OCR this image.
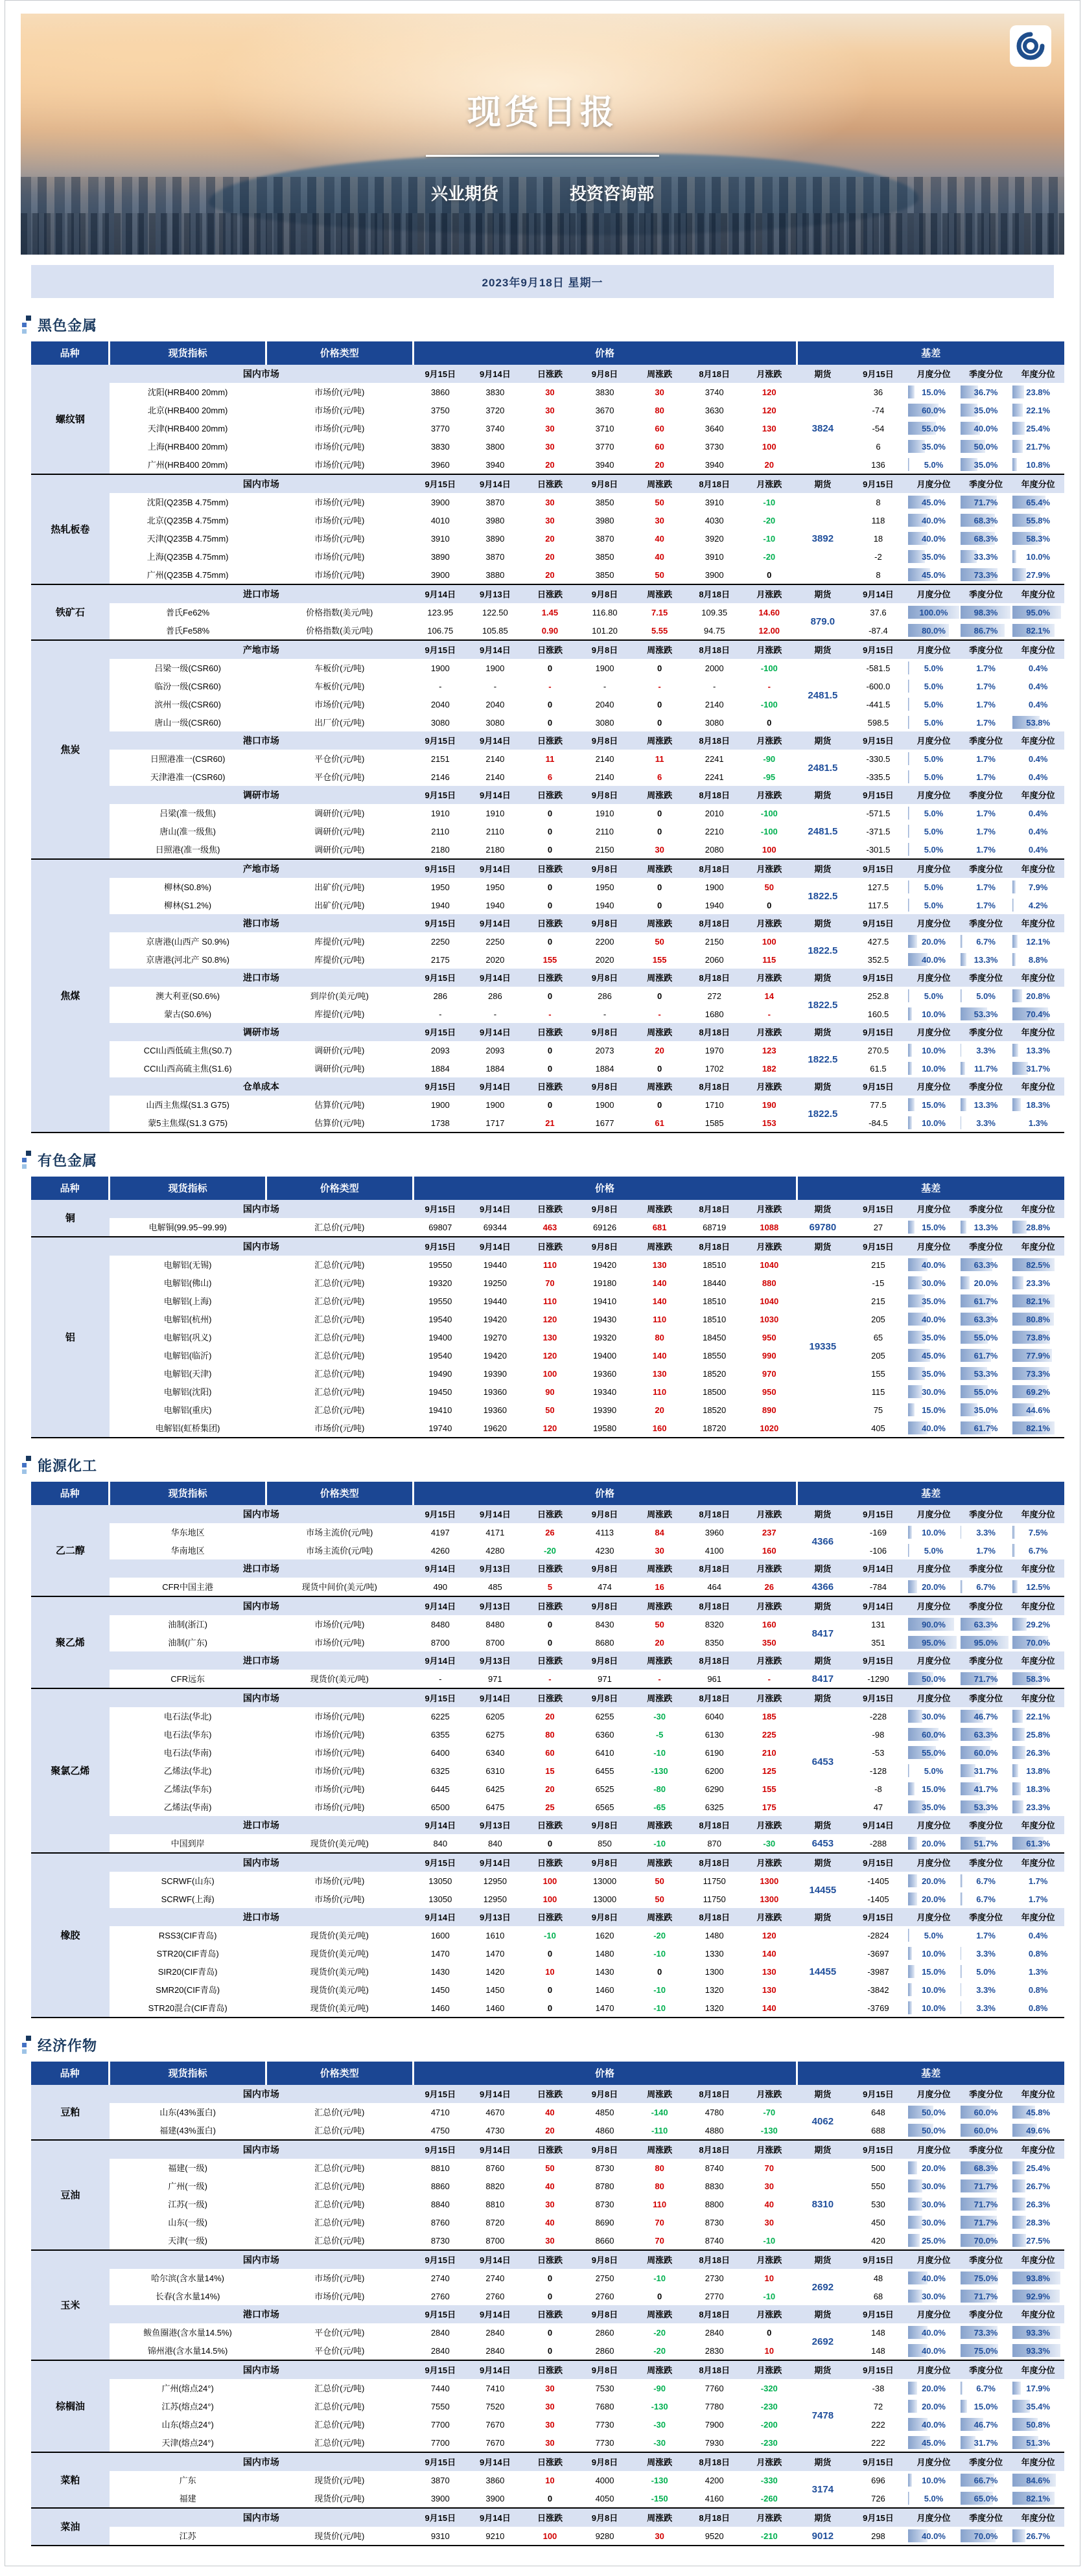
现货日报
兴业期货	投资咨询部
2023年9月18日 星期一
黑色金属
品种	现货指标	价格类型	价格							基差				
螺纹钢	国内市场		9月15日	9月14日	日涨跌	9月8日	周涨跌	8月18日	月涨跌	期货	9月15日	月度分位	季度分位	年度分位
	沈阳(HRB400 20mm)	市场价(元/吨)	3860	3830	30	3830	30	3740	120	3824	36	15.0%	36.7%	23.8%
	北京(HRB400 20mm)	市场价(元/吨)	3750	3720	30	3670	80	3630	120		-74	60.0%	35.0%	22.1%
	天津(HRB400 20mm)	市场价(元/吨)	3770	3740	30	3710	60	3640	130		-54	55.0%	40.0%	25.4%
	上海(HRB400 20mm)	市场价(元/吨)	3830	3800	30	3770	60	3730	100		6	35.0%	50.0%	21.7%
	广州(HRB400 20mm)	市场价(元/吨)	3960	3940	20	3940	20	3940	20		136	5.0%	35.0%	10.8%
热轧板卷	国内市场		9月15日	9月14日	日涨跌	9月8日	周涨跌	8月18日	月涨跌	期货	9月15日	月度分位	季度分位	年度分位
	沈阳(Q235B 4.75mm)	市场价(元/吨)	3900	3870	30	3850	50	3910	-10	3892	8	45.0%	71.7%	65.4%
	北京(Q235B 4.75mm)	市场价(元/吨)	4010	3980	30	3980	30	4030	-20		118	40.0%	68.3%	55.8%
	天津(Q235B 4.75mm)	市场价(元/吨)	3910	3890	20	3870	40	3920	-10		18	40.0%	68.3%	58.3%
	上海(Q235B 4.75mm)	市场价(元/吨)	3890	3870	20	3850	40	3910	-20		-2	35.0%	33.3%	10.0%
	广州(Q235B 4.75mm)	市场价(元/吨)	3900	3880	20	3850	50	3900	0		8	45.0%	73.3%	27.9%
铁矿石	进口市场		9月14日	9月13日	日涨跌	9月8日	周涨跌	8月18日	月涨跌	期货	9月14日	月度分位	季度分位	年度分位
	普氏Fe62%	价格指数(美元/吨)	123.95	122.50	1.45	116.80	7.15	109.35	14.60	879.0	37.6	100.0%	98.3%	95.0%
	普氏Fe58%	价格指数(美元/吨)	106.75	105.85	0.90	101.20	5.55	94.75	12.00		-87.4	80.0%	86.7%	82.1%
焦炭	产地市场		9月15日	9月14日	日涨跌	9月8日	周涨跌	8月18日	月涨跌	期货	9月15日	月度分位	季度分位	年度分位
	吕梁一级(CSR60)	车板价(元/吨)	1900	1900	0	1900	0	2000	-100	2481.5	-581.5	5.0%	1.7%	0.4%
	临汾一级(CSR60)	车板价(元/吨)	-	-	-	-	-	-	-		-600.0	5.0%	1.7%	0.4%
	滨州一级(CSR60)	市场价(元/吨)	2040	2040	0	2040	0	2140	-100		-441.5	5.0%	1.7%	0.4%
	唐山一级(CSR60)	出厂价(元/吨)	3080	3080	0	3080	0	3080	0		598.5	5.0%	1.7%	53.8%
	港口市场		9月15日	9月14日	日涨跌	9月8日	周涨跌	8月18日	月涨跌	期货	9月15日	月度分位	季度分位	年度分位
	日照港准一(CSR60)	平仓价(元/吨)	2151	2140	11	2140	11	2241	-90	2481.5	-330.5	5.0%	1.7%	0.4%
	天津港准一(CSR60)	平仓价(元/吨)	2146	2140	6	2140	6	2241	-95		-335.5	5.0%	1.7%	0.4%
	调研市场		9月15日	9月14日	日涨跌	9月8日	周涨跌	8月18日	月涨跌	期货	9月15日	月度分位	季度分位	年度分位
	吕梁(准一级焦)	调研价(元/吨)	1910	1910	0	1910	0	2010	-100	2481.5	-571.5	5.0%	1.7%	0.4%
	唐山(准一级焦)	调研价(元/吨)	2110	2110	0	2110	0	2210	-100		-371.5	5.0%	1.7%	0.4%
	日照港(准一级焦)	调研价(元/吨)	2180	2180	0	2150	30	2080	100		-301.5	5.0%	1.7%	0.4%
焦煤	产地市场		9月15日	9月14日	日涨跌	9月8日	周涨跌	8月18日	月涨跌	期货	9月15日	月度分位	季度分位	年度分位
	柳林(S0.8%)	出矿价(元/吨)	1950	1950	0	1950	0	1900	50	1822.5	127.5	5.0%	1.7%	7.9%
	柳林(S1.2%)	出矿价(元/吨)	1940	1940	0	1940	0	1940	0		117.5	5.0%	1.7%	4.2%
	港口市场		9月15日	9月14日	日涨跌	9月8日	周涨跌	8月18日	月涨跌	期货	9月15日	月度分位	季度分位	年度分位
	京唐港(山西产 S0.9%)	库提价(元/吨)	2250	2250	0	2200	50	2150	100	1822.5	427.5	20.0%	6.7%	12.1%
	京唐港(河北产 S0.8%)	库提价(元/吨)	2175	2020	155	2020	155	2060	115		352.5	40.0%	13.3%	8.8%
	进口市场		9月15日	9月14日	日涨跌	9月8日	周涨跌	8月18日	月涨跌	期货	9月15日	月度分位	季度分位	年度分位
	澳大利亚(S0.6%)	到岸价(美元/吨)	286	286	0	286	0	272	14	1822.5	252.8	5.0%	5.0%	20.8%
	蒙古(S0.6%)	库提价(元/吨)	-	-	-	-	-	1680	-		160.5	10.0%	53.3%	70.4%
	调研市场		9月15日	9月14日	日涨跌	9月8日	周涨跌	8月18日	月涨跌	期货	9月15日	月度分位	季度分位	年度分位
	CCI山西低硫主焦(S0.7)	调研价(元/吨)	2093	2093	0	2073	20	1970	123	1822.5	270.5	10.0%	3.3%	13.3%
	CCI山西高硫主焦(S1.6)	调研价(元/吨)	1884	1884	0	1884	0	1702	182		61.5	10.0%	11.7%	31.7%
	仓单成本		9月15日	9月14日	日涨跌	9月8日	周涨跌	8月18日	月涨跌	期货	9月15日	月度分位	季度分位	年度分位
	山西主焦煤(S1.3 G75)	估算价(元/吨)	1900	1900	0	1900	0	1710	190	1822.5	77.5	15.0%	13.3%	18.3%
	蒙5主焦煤(S1.3 G75)	估算价(元/吨)	1738	1717	21	1677	61	1585	153		-84.5	10.0%	3.3%	1.3%
有色金属
品种	现货指标	价格类型	价格							基差				
铜	国内市场		9月15日	9月14日	日涨跌	9月8日	周涨跌	8月18日	月涨跌	期货	9月15日	月度分位	季度分位	年度分位
	电解铜(99.95~99.99)	汇总价(元/吨)	69807	69344	463	69126	681	68719	1088	69780	27	15.0%	13.3%	28.8%
铝	国内市场		9月15日	9月14日	日涨跌	9月8日	周涨跌	8月18日	月涨跌	期货	9月15日	月度分位	季度分位	年度分位
	电解铝(无锡)	汇总价(元/吨)	19550	19440	110	19420	130	18510	1040	19335	215	40.0%	63.3%	82.5%
	电解铝(佛山)	汇总价(元/吨)	19320	19250	70	19180	140	18440	880		-15	30.0%	20.0%	23.3%
	电解铝(上海)	汇总价(元/吨)	19550	19440	110	19410	140	18510	1040		215	35.0%	61.7%	82.1%
	电解铝(杭州)	汇总价(元/吨)	19540	19420	120	19430	110	18510	1030		205	40.0%	63.3%	80.8%
	电解铝(巩义)	汇总价(元/吨)	19400	19270	130	19320	80	18450	950		65	35.0%	55.0%	73.8%
	电解铝(临沂)	汇总价(元/吨)	19540	19420	120	19400	140	18550	990		205	45.0%	61.7%	77.9%
	电解铝(天津)	汇总价(元/吨)	19490	19390	100	19360	130	18520	970		155	35.0%	53.3%	73.3%
	电解铝(沈阳)	汇总价(元/吨)	19450	19360	90	19340	110	18500	950		115	30.0%	55.0%	69.2%
	电解铝(重庆)	汇总价(元/吨)	19410	19360	50	19390	20	18520	890		75	15.0%	35.0%	44.6%
	电解铝(虹桥集团)	市场价(元/吨)	19740	19620	120	19580	160	18720	1020		405	40.0%	61.7%	82.1%
能源化工
品种	现货指标	价格类型	价格							基差				
乙二醇	国内市场		9月15日	9月14日	日涨跌	9月8日	周涨跌	8月18日	月涨跌	期货	9月15日	月度分位	季度分位	年度分位
	华东地区	市场主流价(元/吨)	4197	4171	26	4113	84	3960	237	4366	-169	10.0%	3.3%	7.5%
	华南地区	市场主流价(元/吨)	4260	4280	-20	4230	30	4100	160		-106	5.0%	1.7%	6.7%
	进口市场		9月14日	9月13日	日涨跌	9月8日	周涨跌	8月18日	月涨跌	期货	9月14日	月度分位	季度分位	年度分位
	CFR中国主港	现货中间价(美元/吨)	490	485	5	474	16	464	26	4366	-784	20.0%	6.7%	12.5%
聚乙烯	国内市场		9月14日	9月13日	日涨跌	9月8日	周涨跌	8月18日	月涨跌	期货	9月14日	月度分位	季度分位	年度分位
	油制(浙江)	市场价(元/吨)	8480	8480	0	8430	50	8320	160	8417	131	90.0%	63.3%	29.2%
	油制(广东)	市场价(元/吨)	8700	8700	0	8680	20	8350	350		351	95.0%	95.0%	70.0%
	进口市场		9月14日	9月13日	日涨跌	9月8日	周涨跌	8月18日	月涨跌	期货	9月15日	月度分位	季度分位	年度分位
	CFR远东	现货价(美元/吨)	-	971	-	971	-	961	-	8417	-1290	50.0%	71.7%	58.3%
聚氯乙烯	国内市场		9月15日	9月14日	日涨跌	9月8日	周涨跌	8月18日	月涨跌	期货	9月15日	月度分位	季度分位	年度分位
	电石法(华北)	市场价(元/吨)	6225	6205	20	6255	-30	6040	185	6453	-228	30.0%	46.7%	22.1%
	电石法(华东)	市场价(元/吨)	6355	6275	80	6360	-5	6130	225		-98	60.0%	63.3%	25.8%
	电石法(华南)	市场价(元/吨)	6400	6340	60	6410	-10	6190	210		-53	55.0%	60.0%	26.3%
	乙烯法(华北)	市场价(元/吨)	6325	6310	15	6455	-130	6200	125		-128	5.0%	31.7%	13.8%
	乙烯法(华东)	市场价(元/吨)	6445	6425	20	6525	-80	6290	155		-8	15.0%	41.7%	18.3%
	乙烯法(华南)	市场价(元/吨)	6500	6475	25	6565	-65	6325	175		47	35.0%	53.3%	23.3%
	进口市场		9月14日	9月13日	日涨跌	9月8日	周涨跌	8月18日	月涨跌	期货	9月14日	月度分位	季度分位	年度分位
	中国到岸	现货价(美元/吨)	840	840	0	850	-10	870	-30	6453	-288	20.0%	51.7%	61.3%
橡胶	国内市场		9月15日	9月14日	日涨跌	9月8日	周涨跌	8月18日	月涨跌	期货	9月15日	月度分位	季度分位	年度分位
	SCRWF(山东)	市场价(元/吨)	13050	12950	100	13000	50	11750	1300	14455	-1405	20.0%	6.7%	1.7%
	SCRWF(上海)	市场价(元/吨)	13050	12950	100	13000	50	11750	1300		-1405	20.0%	6.7%	1.7%
	进口市场		9月14日	9月13日	日涨跌	9月8日	周涨跌	8月18日	月涨跌	期货	9月15日	月度分位	季度分位	年度分位
	RSS3(CIF青岛)	现货价(美元/吨)	1600	1610	-10	1620	-20	1480	120	14455	-2824	5.0%	1.7%	0.4%
	STR20(CIF青岛)	现货价(美元/吨)	1470	1470	0	1480	-10	1330	140		-3697	10.0%	3.3%	0.8%
	SIR20(CIF青岛)	现货价(美元/吨)	1430	1420	10	1430	0	1300	130		-3987	15.0%	5.0%	1.3%
	SMR20(CIF青岛)	现货价(美元/吨)	1450	1450	0	1460	-10	1320	130		-3842	10.0%	3.3%	0.8%
	STR20混合(CIF青岛)	现货价(美元/吨)	1460	1460	0	1470	-10	1320	140		-3769	10.0%	3.3%	0.8%
经济作物
品种	现货指标	价格类型	价格							基差				
豆粕	国内市场		9月15日	9月14日	日涨跌	9月8日	周涨跌	8月18日	月涨跌	期货	9月15日	月度分位	季度分位	年度分位
	山东(43%蛋白)	汇总价(元/吨)	4710	4670	40	4850	-140	4780	-70	4062	648	50.0%	60.0%	45.8%
	福建(43%蛋白)	汇总价(元/吨)	4750	4730	20	4860	-110	4880	-130		688	50.0%	60.0%	49.6%
豆油	国内市场		9月15日	9月14日	日涨跌	9月8日	周涨跌	8月18日	月涨跌	期货	9月15日	月度分位	季度分位	年度分位
	福建(一级)	汇总价(元/吨)	8810	8760	50	8730	80	8740	70	8310	500	20.0%	68.3%	25.4%
	广州(一级)	汇总价(元/吨)	8860	8820	40	8780	80	8830	30		550	30.0%	71.7%	26.7%
	江苏(一级)	汇总价(元/吨)	8840	8810	30	8730	110	8800	40		530	30.0%	71.7%	26.3%
	山东(一级)	汇总价(元/吨)	8760	8720	40	8690	70	8730	30		450	30.0%	71.7%	28.3%
	天津(一级)	汇总价(元/吨)	8730	8700	30	8660	70	8740	-10		420	25.0%	70.0%	27.5%
玉米	国内市场		9月15日	9月14日	日涨跌	9月8日	周涨跌	8月18日	月涨跌	期货	9月15日	月度分位	季度分位	年度分位
	哈尔滨(含水量14%)	市场价(元/吨)	2740	2740	0	2750	-10	2730	10	2692	48	40.0%	75.0%	93.8%
	长春(含水量14%)	市场价(元/吨)	2760	2760	0	2760	0	2770	-10		68	30.0%	71.7%	92.9%
	港口市场		9月15日	9月14日	日涨跌	9月8日	周涨跌	8月18日	月涨跌	期货	9月15日	月度分位	季度分位	年度分位
	鲅鱼圈港(含水量14.5%)	平仓价(元/吨)	2840	2840	0	2860	-20	2840	0	2692	148	40.0%	73.3%	93.3%
	锦州港(含水量14.5%)	平仓价(元/吨)	2840	2840	0	2860	-20	2830	10		148	40.0%	75.0%	93.3%
棕榈油	国内市场		9月15日	9月14日	日涨跌	9月8日	周涨跌	8月18日	月涨跌	期货	9月15日	月度分位	季度分位	年度分位
	广州(熔点24°)	汇总价(元/吨)	7440	7410	30	7530	-90	7760	-320	7478	-38	20.0%	6.7%	17.9%
	江苏(熔点24°)	汇总价(元/吨)	7550	7520	30	7680	-130	7780	-230		72	20.0%	15.0%	35.4%
	山东(熔点24°)	汇总价(元/吨)	7700	7670	30	7730	-30	7900	-200		222	40.0%	46.7%	50.8%
	天津(熔点24°)	汇总价(元/吨)	7700	7670	30	7730	-30	7930	-230		222	45.0%	31.7%	51.3%
菜粕	国内市场		9月15日	9月14日	日涨跌	9月8日	周涨跌	8月18日	月涨跌	期货	9月15日	月度分位	季度分位	年度分位
	广东	现货价(元/吨)	3870	3860	10	4000	-130	4200	-330	3174	696	10.0%	66.7%	84.6%
	福建	现货价(元/吨)	3900	3900	0	4050	-150	4160	-260		726	5.0%	65.0%	82.1%
菜油	国内市场		9月15日	9月14日	日涨跌	9月8日	周涨跌	8月18日	月涨跌	期货	9月15日	月度分位	季度分位	年度分位
	江苏	现货价(元/吨)	9310	9210	100	9280	30	9520	-210	9012	298	40.0%	70.0%	26.7%
